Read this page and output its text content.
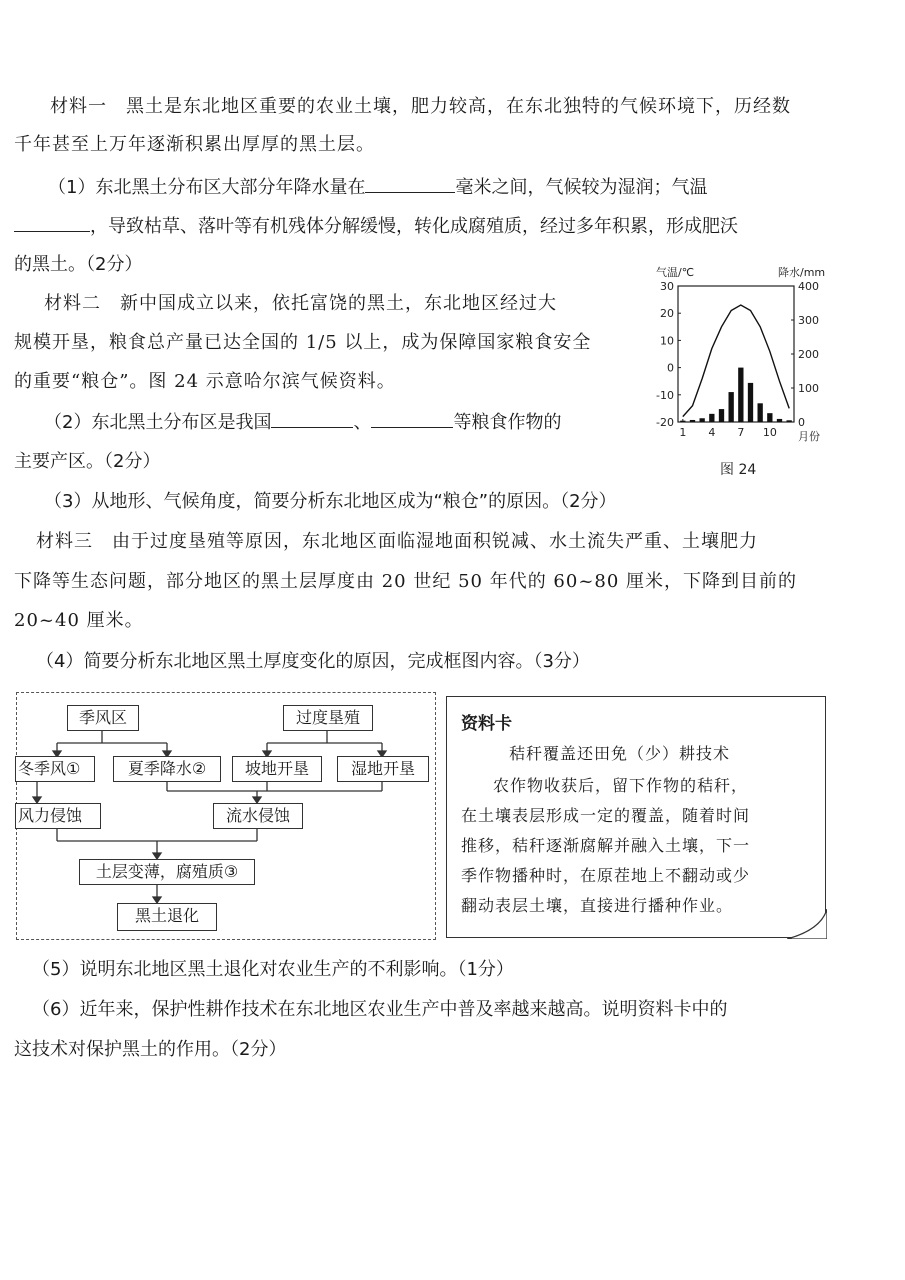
材料一　黑土是东北地区重要的农业土壤，肥力较高，在东北独特的气候环境下，历经数
千年甚至上万年逐渐积累出厚厚的黑土层。
（1）东北黑土分布区大部分年降水量在	毫米之间，气候较为湿润；气温
，导致枯草、落叶等有机残体分解缓慢，转化成腐殖质，经过多年积累，形成肥沃
的黑土。（2分）
材料二　新中国成立以来，依托富饶的黑土，东北地区经过大
规模开垦，粮食总产量已达全国的 1/5 以上，成为保障国家粮食安全
的重要“粮仓”。图 24 示意哈尔滨气候资料。
（2）东北黑土分布区是我国	、	等粮食作物的
主要产区。（2分）
气温/℃	降水/mm
30
20
10
0
-10
-20
400
300
200
100
0
1 4 7 10 月份
图 24
（3）从地形、气候角度，简要分析东北地区成为“粮仓”的原因。（2分）
材料三　由于过度垦殖等原因，东北地区面临湿地面积锐减、水土流失严重、土壤肥力
下降等生态问题，部分地区的黑土层厚度由 20 世纪 50 年代的 60~80 厘米，下降到目前的
20~40 厘米。
（4）简要分析东北地区黑土厚度变化的原因，完成框图内容。（3分）
季风区	过度垦殖
冬季风①	夏季降水②	坡地开垦	湿地开垦
风力侵蚀	流水侵蚀
土层变薄，腐殖质③
黑土退化
资料卡
秸秆覆盖还田免（少）耕技术
农作物收获后，留下作物的秸秆，
在土壤表层形成一定的覆盖，随着时间
推移，秸秆逐渐腐解并融入土壤，下一
季作物播种时，在原茬地上不翻动或少
翻动表层土壤，直接进行播种作业。
（5）说明东北地区黑土退化对农业生产的不利影响。（1分）
（6）近年来，保护性耕作技术在东北地区农业生产中普及率越来越高。说明资料卡中的
这技术对保护黑土的作用。（2分）
